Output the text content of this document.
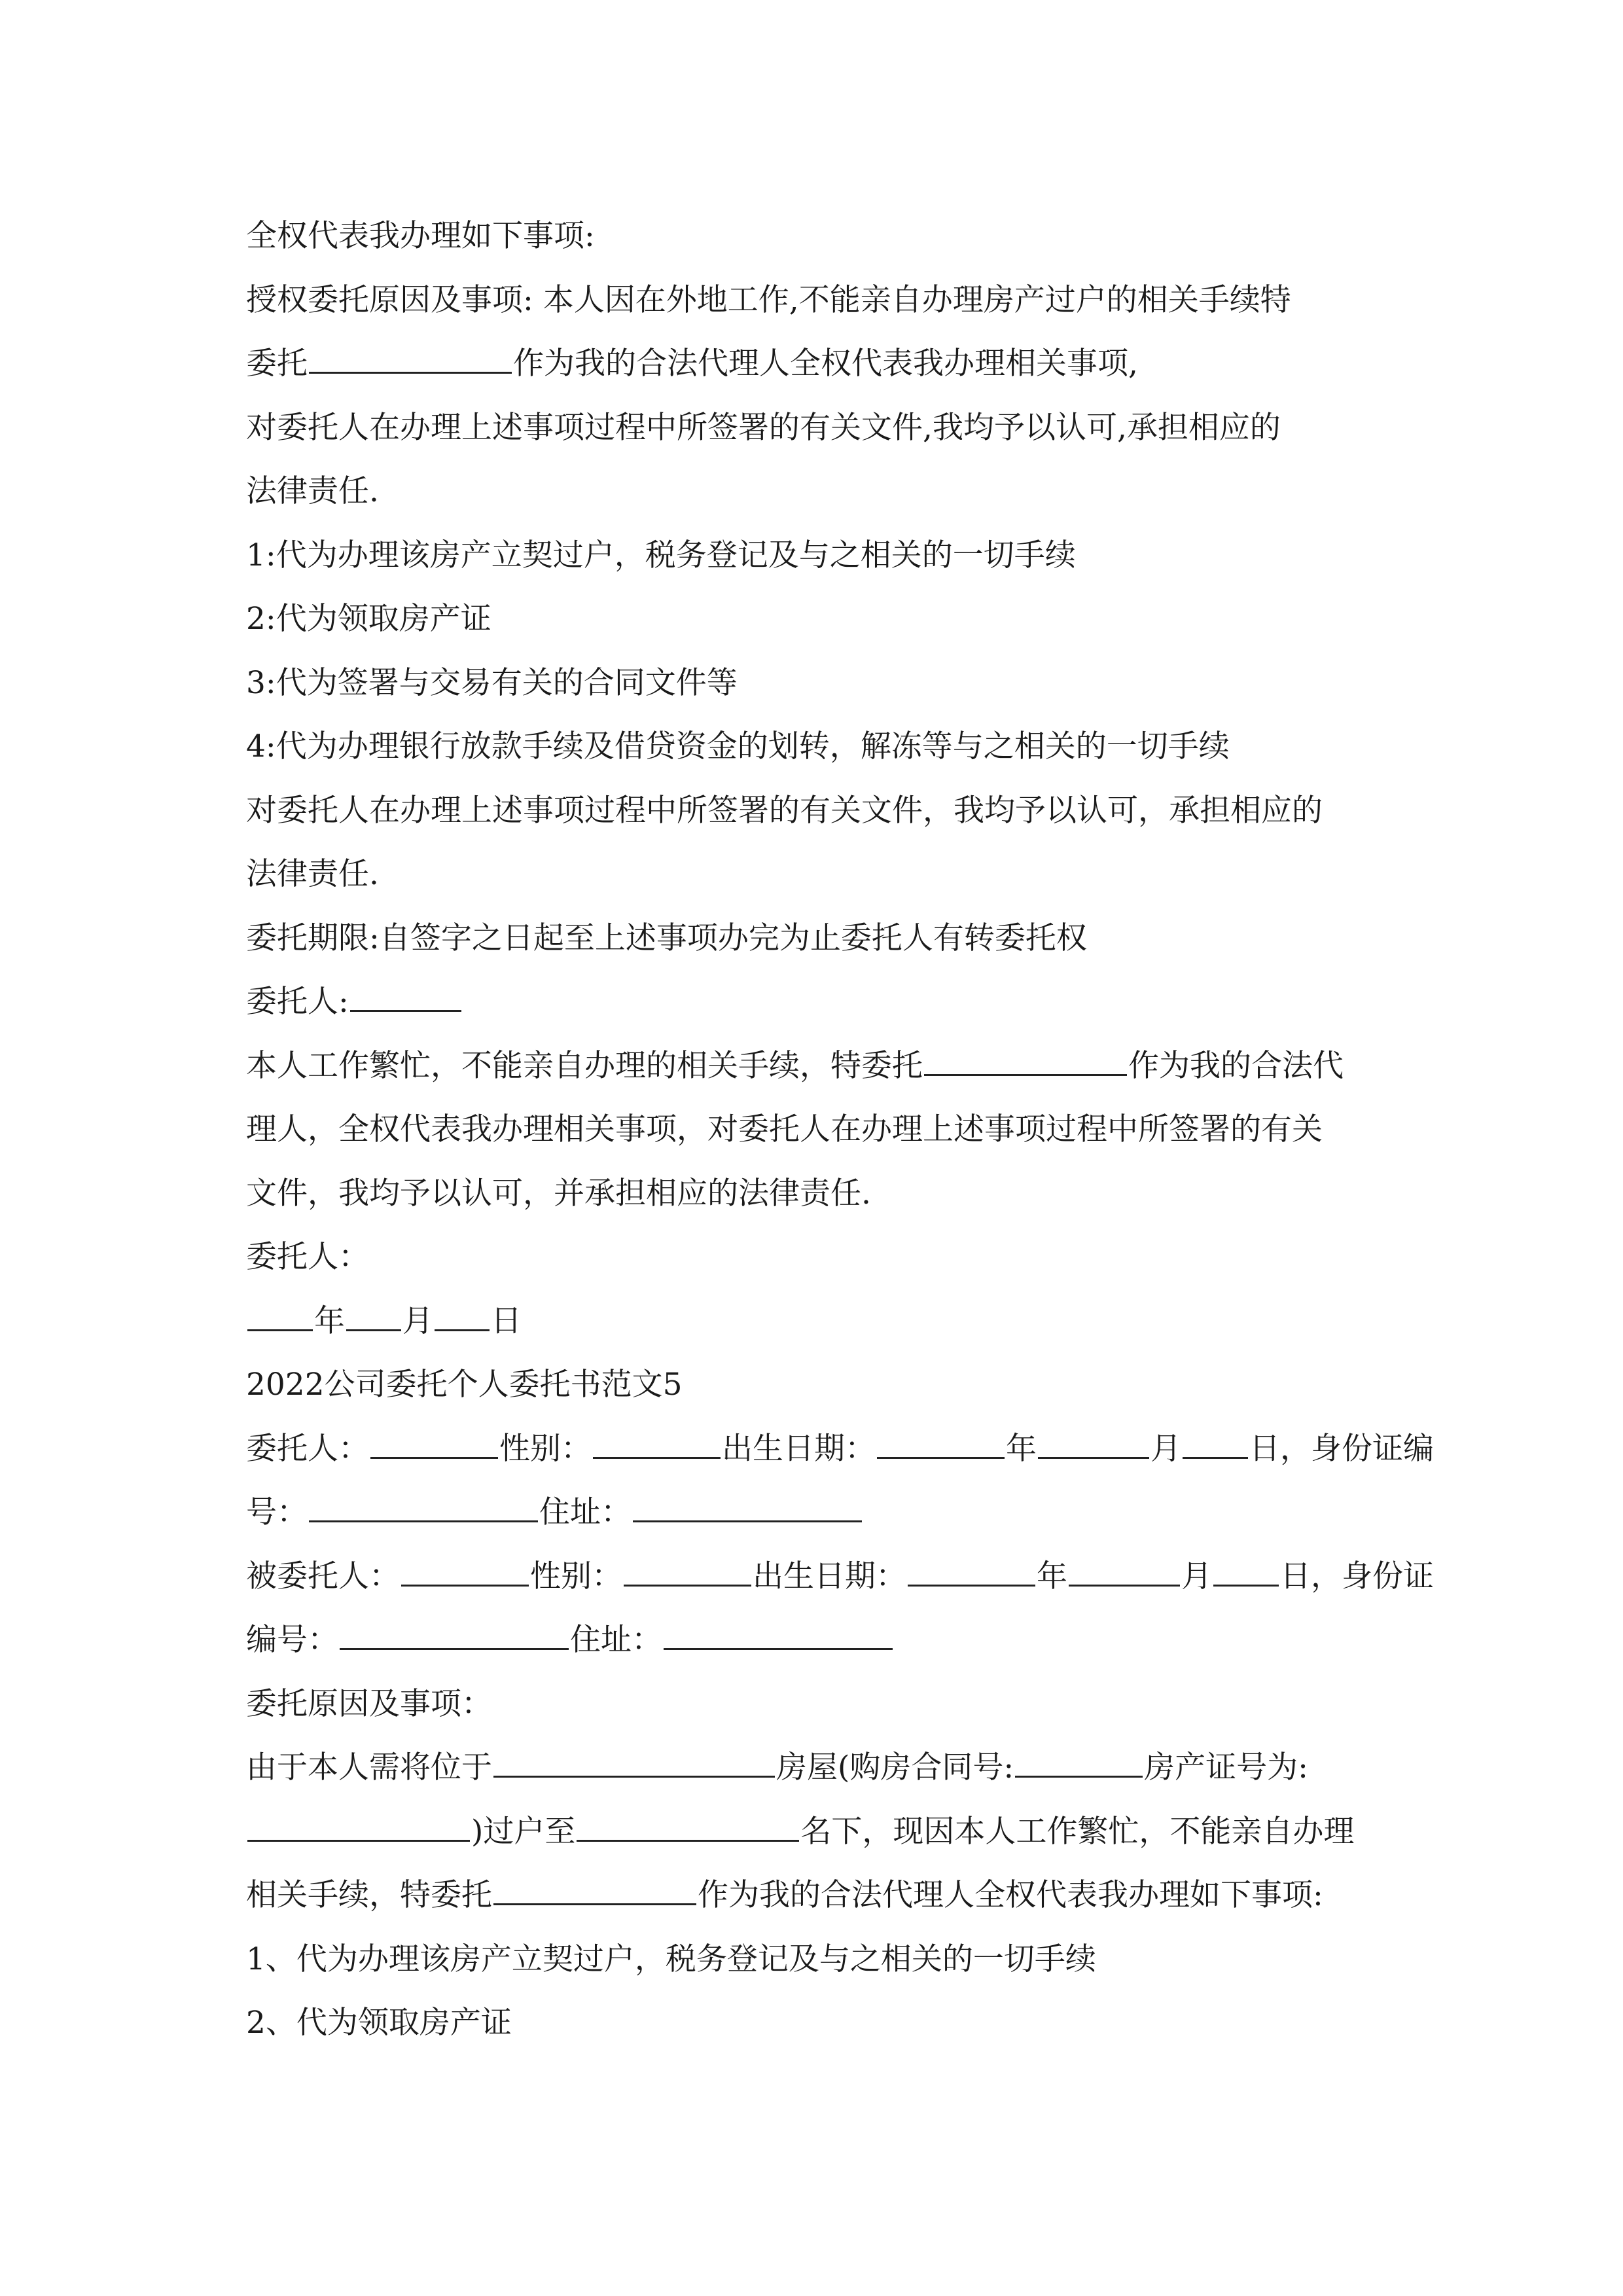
全权代表我办理如下事项:
授权委托原因及事项: 本人因在外地工作,不能亲自办理房产过户的相关手续特
委托	作为我的合法代理人全权代表我办理相关事项,
对委托人在办理上述事项过程中所签署的有关文件,我均予以认可,承担相应的
法律责任.
1:代为办理该房产立契过户，税务登记及与之相关的一切手续
2:代为领取房产证
3:代为签署与交易有关的合同文件等
4:代为办理银行放款手续及借贷资金的划转，解冻等与之相关的一切手续
对委托人在办理上述事项过程中所签署的有关文件，我均予以认可，承担相应的
法律责任.
委托期限:自签字之日起至上述事项办完为止委托人有转委托权
委托人:
本人工作繁忙，不能亲自办理的相关手续，特委托	作为我的合法代
理人，全权代表我办理相关事项，对委托人在办理上述事项过程中所签署的有关
文件，我均予以认可，并承担相应的法律责任.
委托人：
年 月 日
2022公司委托个人委托书范文5
委托人：	性别：	出生日期：	年	月 日，身份证编
号：	住址：
被委托人：	性别：	出生日期：	年	月 日，身份证
编号：	住址：
委托原因及事项：
由于本人需将位于	房屋(购房合同号:	房产证号为:
)过户至	名下，现因本人工作繁忙，不能亲自办理
相关手续，特委托	作为我的合法代理人全权代表我办理如下事项:
1、代为办理该房产立契过户，税务登记及与之相关的一切手续
2、代为领取房产证
